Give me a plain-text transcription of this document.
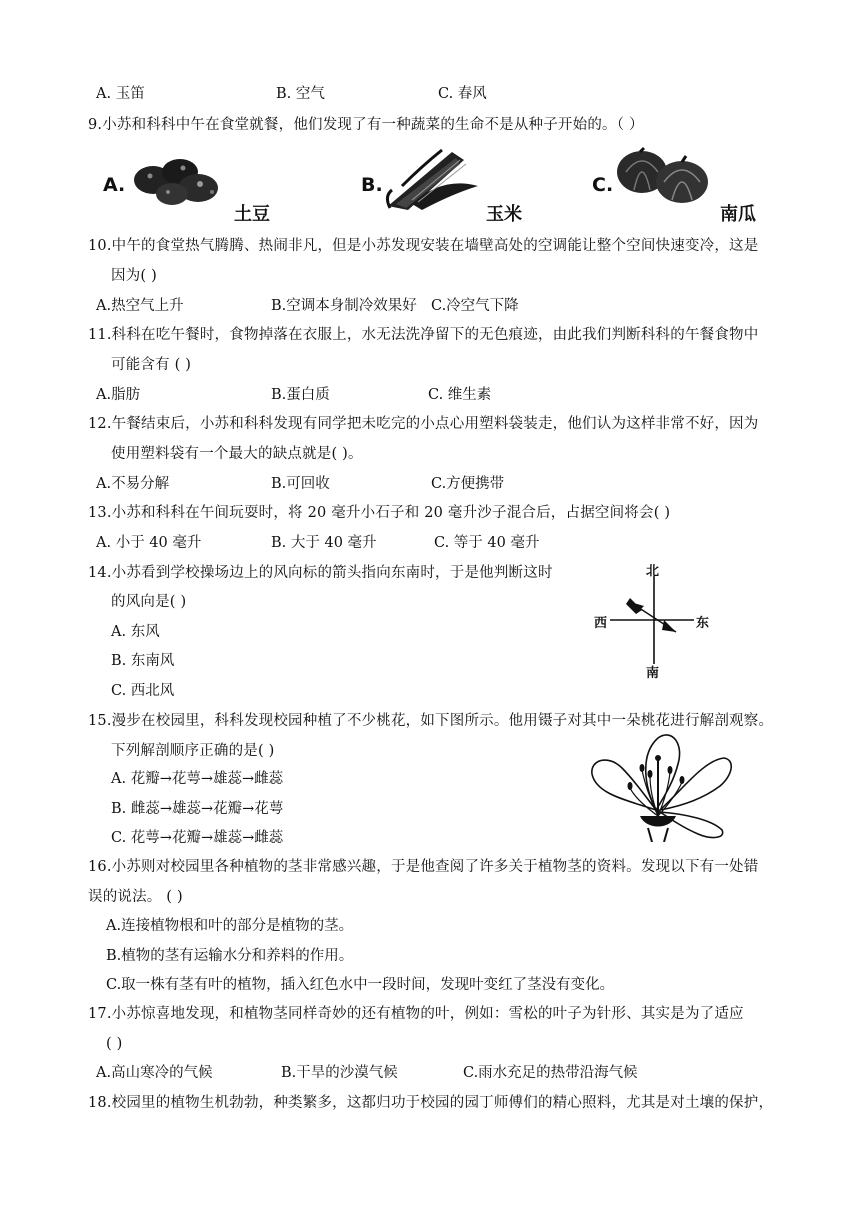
A. 玉笛	B. 空气	C. 春风
9.小苏和科科中午在食堂就餐，他们发现了有一种蔬菜的生命不是从种子开始的。（ ）
A.
土豆
B.
玉米
C.
南瓜
10.中午的食堂热气腾腾、热闹非凡，但是小苏发现安装在墙壁高处的空调能让整个空间快速变冷，这是
因为( )
A.热空气上升	B.空调本身制冷效果好 C.冷空气下降
11.科科在吃午餐时，食物掉落在衣服上，水无法洗净留下的无色痕迹，由此我们判断科科的午餐食物中
可能含有 ( )
A.脂肪	B.蛋白质	C. 维生素
12.午餐结束后，小苏和科科发现有同学把未吃完的小点心用塑料袋装走，他们认为这样非常不好，因为
使用塑料袋有一个最大的缺点就是( )。
A.不易分解	B.可回收	C.方便携带
13.小苏和科科在午间玩耍时，将 20 毫升小石子和 20 毫升沙子混合后，占据空间将会( )
A. 小于 40 毫升	B. 大于 40 毫升	C. 等于 40 毫升
14.小苏看到学校操场边上的风向标的箭头指向东南时，于是他判断这时
的风向是( )
A. 东风
B. 东南风
C. 西北风
北
南
东
西
15.漫步在校园里，科科发现校园种植了不少桃花，如下图所示。他用镊子对其中一朵桃花进行解剖观察。
下列解剖顺序正确的是( )
A. 花瓣→花萼→雄蕊→雌蕊
B. 雌蕊→雄蕊→花瓣→花萼
C. 花萼→花瓣→雄蕊→雌蕊
16.小苏则对校园里各种植物的茎非常感兴趣，于是他查阅了许多关于植物茎的资料。发现以下有一处错
误的说法。 ( )
A.连接植物根和叶的部分是植物的茎。
B.植物的茎有运输水分和养料的作用。
C.取一株有茎有叶的植物，插入红色水中一段时间，发现叶变红了茎没有变化。
17.小苏惊喜地发现，和植物茎同样奇妙的还有植物的叶，例如：雪松的叶子为针形、其实是为了适应
( )
A.高山寒冷的气候	B.干旱的沙漠气候	C.雨水充足的热带沿海气候
18.校园里的植物生机勃勃，种类繁多，这都归功于校园的园丁师傅们的精心照料，尤其是对土壤的保护，
